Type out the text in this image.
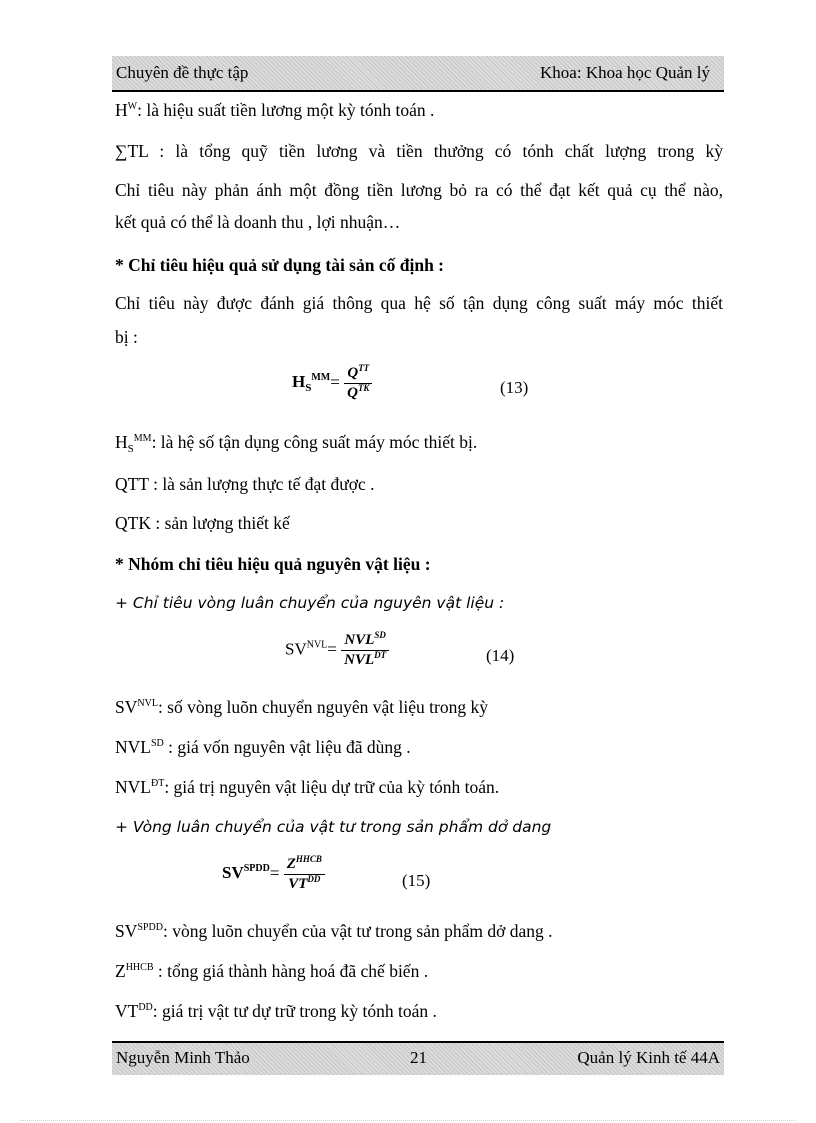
Chuyên đề thực tập	Khoa: Khoa học Quản lý
$H^W$: là hiệu suất tiền lương một kỳ tónh toán .
∑TL : là tổng quỹ tiền lương và tiền thưởng có tónh chất lượng trong kỳ
Chỉ tiêu này phản ánh một đồng tiền lương bỏ ra có thể đạt kết quả cụ thể nào,
kết quả có thể là doanh thu , lợi nhuận…
* Chỉ tiêu hiệu quả sử dụng tài sản cố định :
Chỉ tiêu này được đánh giá thông qua hệ số tận dụng công suất máy móc thiết
bị :
$H_S^{MM}= \frac{Q^{TT}}{Q^{TK}}$	(13)
$H_S^{MM}$: là hệ số tận dụng công suất máy móc thiết bị.
QTT : là sản lượng thực tế đạt được .
QTK : sản lượng thiết kế
* Nhóm chỉ tiêu hiệu quả nguyên vật liệu :
+ Chỉ tiêu vòng luân chuyển của nguyên vật liệu :
$SV^{NVL}= \frac{NVL^{SD}}{NVL^{DT}}$	(14)
$SV^{NVL}$: số vòng luõn chuyển nguyên vật liệu trong kỳ
$NVL^{SD}$ : giá vốn nguyên vật liệu đã dùng .
$NVL^{ĐT}$: giá trị nguyên vật liệu dự trữ của kỳ tónh toán.
+ Vòng luân chuyển của vật tư trong sản phẩm dở dang
$SV^{SPDD}= \frac{Z^{HHCB}}{VT^{DD}}$	(15)
$SV^{SPDD}$: vòng luõn chuyển của vật tư trong sản phẩm dở dang .
$Z^{HHCB}$ : tổng giá thành hàng hoá đã chế biến .
$VT^{DD}$: giá trị vật tư dự trữ trong kỳ tónh toán .
Nguyễn Minh Thảo	21	Quản lý Kinh tế 44A
